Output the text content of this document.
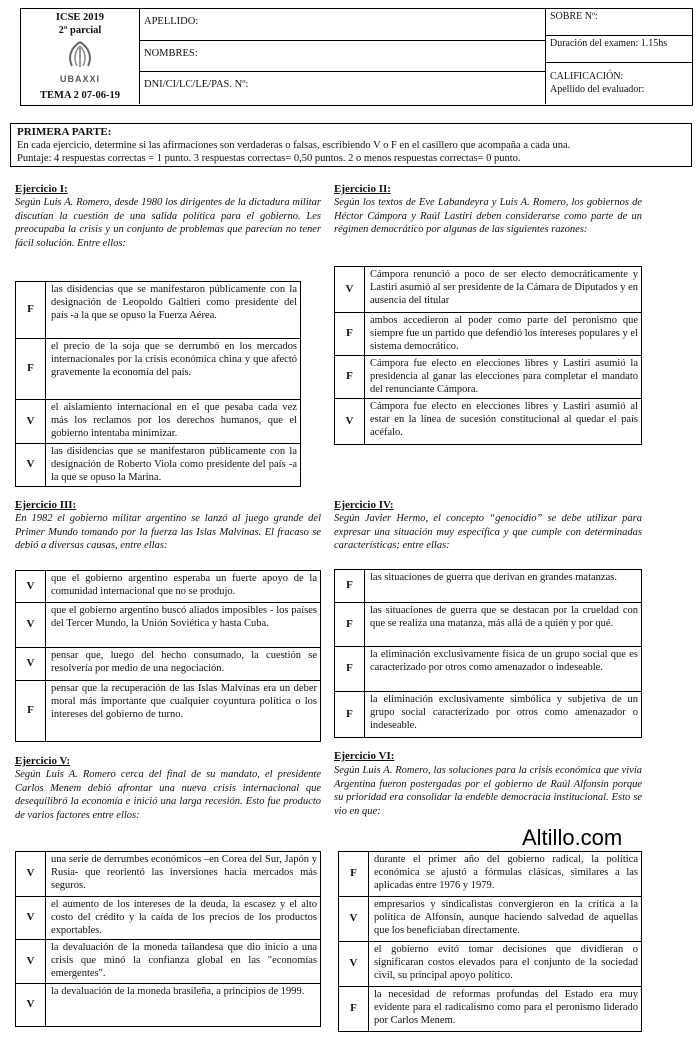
ICSE 2019
2º parcial
UBAXXI
TEMA 2 07-06-19
APELLIDO:
NOMBRES:
DNI/CI/LC/LE/PAS. Nº:
SOBRE Nº:
Duración del examen: 1.15hs
CALIFICACIÓN:
Apellido del evaluador:
PRIMERA PARTE:
En cada ejercicio, determine si las afirmaciones son verdaderas o falsas, escribiendo V o F en el casillero que acompaña a cada una.
Puntaje: 4 respuestas correctas = 1 punto. 3 respuestas correctas= 0,50 puntos. 2 o menos respuestas correctas= 0 punto.
Ejercicio I :
Según Luis A. Romero, desde 1980 los dirigentes de la dictadura militar discutían la cuestión de una salida política para el gobierno. Les preocupaba la crisis y un conjunto de problemas que parecían no tener fácil solución. Entre ellos:
F
las disidencias que se manifestaron públicamente con la designación de Leopoldo Galtieri como presidente del país -a la que se opuso la Fuerza Aérea.
F
el precio de la soja que se derrumbó en los mercados internacionales por la crisis económica china y que afectó gravemente la economía del país.
V
el aislamiento internacional en el que pesaba cada vez más los reclamos por los derechos humanos, que el gobierno intentaba minimizar.
V
las disidencias que se manifestaron públicamente con la designación de Roberto Viola como presidente del país -a la que se opuso la Marina.
Ejercicio II :
Según los textos de Eve Labandeyra y Luis A. Romero, los gobiernos de Héctor Cámpora y Raúl Lastiri deben considerarse como parte de un régimen democrático por algunas de las siguientes razones:
V
Cámpora renunció a poco de ser electo democráticamente y Lastiri asumió al ser presidente de la Cámara de Diputados y en ausencia del titular
F
ambos accedieron al poder como parte del peronismo que siempre fue un partido que defendió los intereses populares y el sistema democrático.
F
Cámpora fue electo en elecciones libres y Lastiri asumió la presidencia al ganar las elecciones para completar el mandato del renunciante Cámpora.
V
Cámpora fue electo en elecciones libres y Lastiri asumió al estar en la línea de sucesión constitucional al quedar el país acéfalo.
Ejercicio III :
En 1982 el gobierno militar argentino se lanzó al juego grande del Primer Mundo tomando por la fuerza las Islas Malvinas. El fracaso se debió a diversas causas, entre ellas:
V
que el gobierno argentino esperaba un fuerte apoyo de la comunidad internacional que no se produjo.
V
que el gobierno argentino buscó aliados imposibles - los países del Tercer Mundo, la Unión Soviética y hasta Cuba.
V
pensar que, luego del hecho consumado, la cuestión se resolvería por medio de una negociación.
F
pensar que la recuperación de las Islas Malvinas era un deber moral más importante que cualquier coyuntura política o los intereses del gobierno de turno.
Ejercicio IV :
Según Javier Hermo, el concepto “genocidio” se debe utilizar para expresar una situación muy específica y que cumple con determinadas características; entre ellas:
F
las situaciones de guerra que derivan en grandes matanzas.
F
las situaciones de guerra que se destacan por la crueldad con que se realiza una matanza, más allá de a quién y por qué.
F
la eliminación exclusivamente física de un grupo social que es caracterizado por otros como amenazador o indeseable.
F
la eliminación exclusivamente simbólica y subjetiva de un grupo social caracterizado por otros como amenazador o indeseable.
Ejercicio V :
Según Luis A. Romero cerca del final de su mandato, el presidente Carlos Menem debió afrontar una nueva crisis internacional que desequilibró la economía e inició una larga recesión. Esto fue producto de varios factores entre ellos:
V
una serie de derrumbes económicos –en Corea del Sur, Japón y Rusia- que reorientó las inversiones hacia mercados más seguros.
V
el aumento de los intereses de la deuda, la escasez y el alto costo del crédito y la caída de los precios de los productos exportables.
V
la devaluación de la moneda tailandesa que dio inicio a una crisis que minó la confianza global en las "economías emergentes".
V
la devaluación de la moneda brasileña, a principios de 1999.
Ejercicio VI :
Según Luis A. Romero, las soluciones para la crisis económica que vivía Argentina fueron postergadas por el gobierno de Raúl Alfonsín porque su prioridad era consolidar la endeble democracia institucional. Esto se vio en que:
F
durante el primer año del gobierno radical, la política económica se ajustó a fórmulas clásicas, similares a las aplicadas entre 1976 y 1979.
V
empresarios y sindicalistas convergieron en la crítica a la política de Alfonsín, aunque haciendo salvedad de aquellas que los beneficiaban directamente.
V
el gobierno evitó tomar decisiones que dividieran o significaran costos elevados para el conjunto de la sociedad civil, su principal apoyo político.
F
la necesidad de reformas profundas del Estado era muy evidente para el radicalismo como para el peronismo liderado por Carlos Menem.
Altillo.com
